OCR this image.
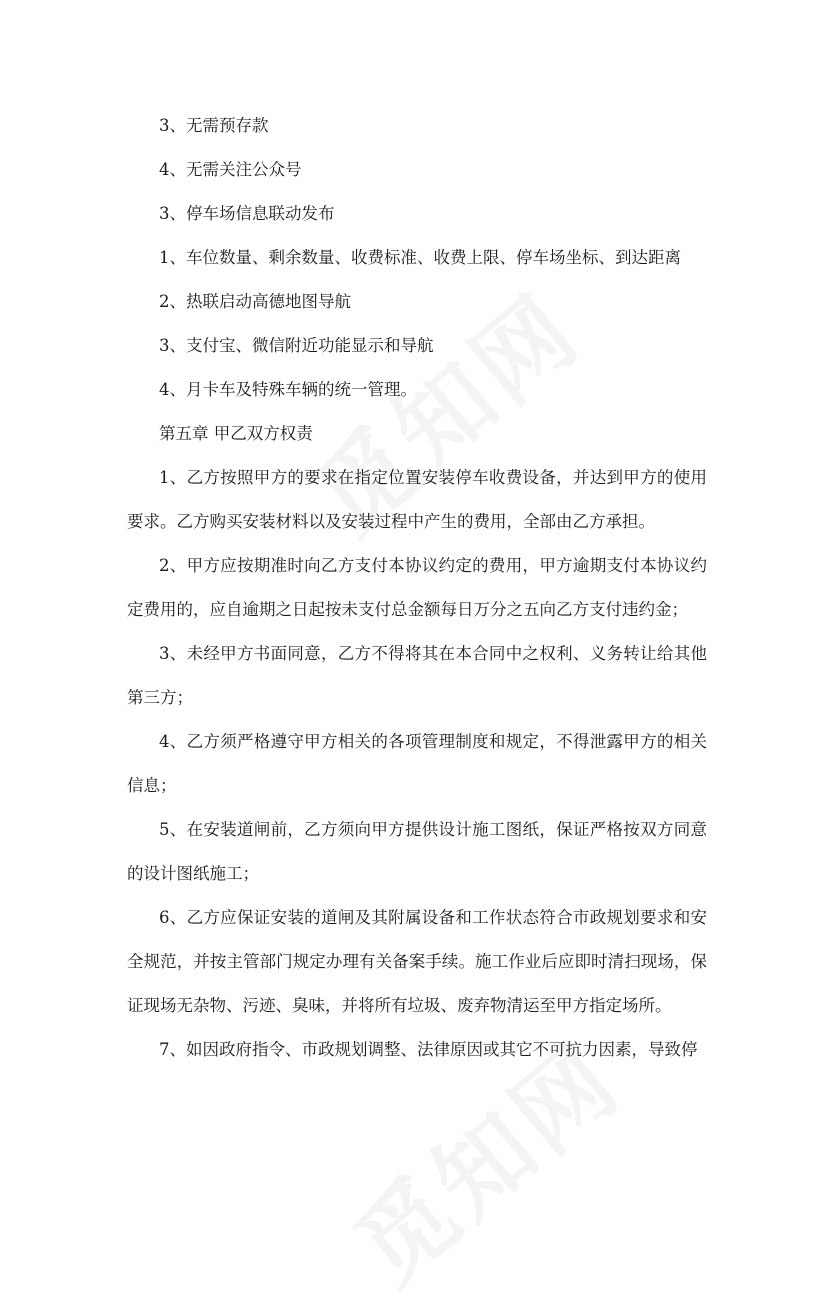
3、无需预存款

4、无需关注公众号

3、停车场信息联动发布

1、车位数量、剩余数量、收费标准、收费上限、停车场坐标、到达距离

2、热联启动高德地图导航

3、支付宝、微信附近功能显示和导航

4、月卡车及特殊车辆的统一管理。

第五章 甲乙双方权责

1、乙方按照甲方的要求在指定位置安装停车收费设备，并达到甲方的使用要求。乙方购买安装材料以及安装过程中产生的费用，全部由乙方承担。

2、甲方应按期准时向乙方支付本协议约定的费用，甲方逾期支付本协议约定费用的，应自逾期之日起按未支付总金额每日万分之五向乙方支付违约金；

3、未经甲方书面同意，乙方不得将其在本合同中之权利、义务转让给其他第三方；

4、乙方须严格遵守甲方相关的各项管理制度和规定，不得泄露甲方的相关信息；

5、在安装道闸前，乙方须向甲方提供设计施工图纸，保证严格按双方同意的设计图纸施工；

6、乙方应保证安装的道闸及其附属设备和工作状态符合市政规划要求和安全规范，并按主管部门规定办理有关备案手续。施工作业后应即时清扫现场，保证现场无杂物、污迹、臭味，并将所有垃圾、废弃物清运至甲方指定场所。

7、如因政府指令、市政规划调整、法律原因或其它不可抗力因素，导致停
